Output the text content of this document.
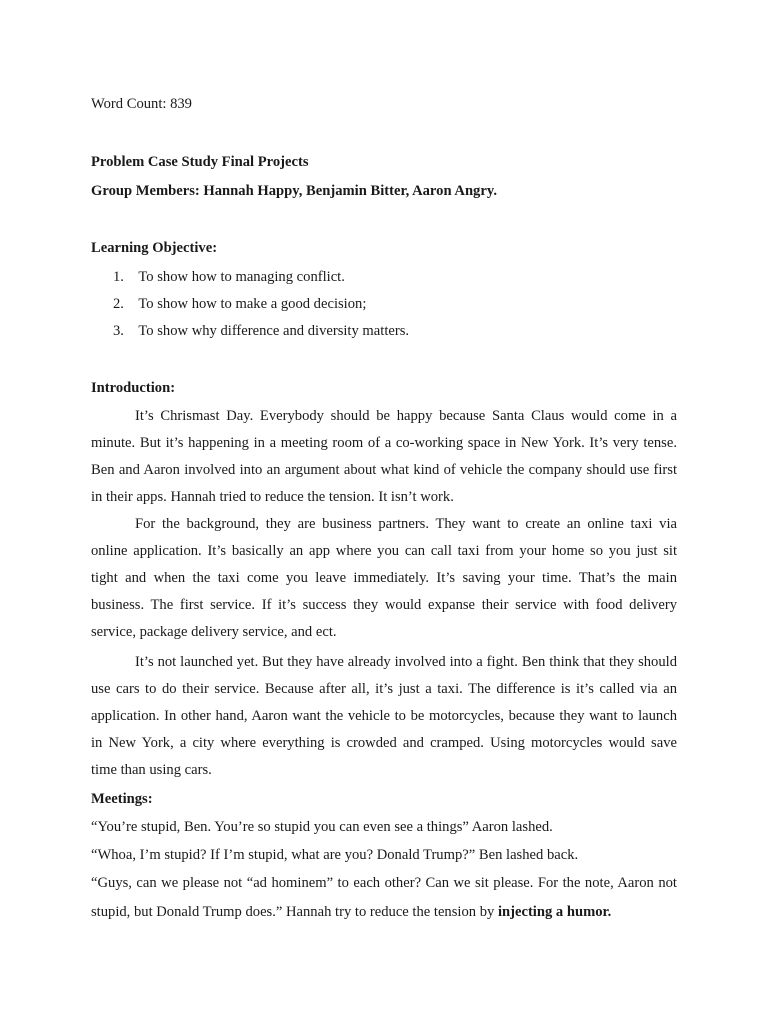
Word Count: 839
Problem Case Study Final Projects
Group Members: Hannah Happy, Benjamin Bitter, Aaron Angry.
Learning Objective:
1. To show how to managing conflict.
2. To show how to make a good decision;
3. To show why difference and diversity matters.
Introduction:
It’s Chrismast Day. Everybody should be happy because Santa Claus would come in a
minute. But it’s happening in a meeting room of a co-working space in New York. It’s very tense.
Ben and Aaron involved into an argument about what kind of vehicle the company should use first
in their apps. Hannah tried to reduce the tension. It isn’t work.
For the background, they are business partners. They want to create an online taxi via
online application. It’s basically an app where you can call taxi from your home so you just sit
tight and when the taxi come you leave immediately. It’s saving your time. That’s the main
business. The first service. If it’s success they would expanse their service with food delivery
service, package delivery service, and ect.
It’s not launched yet. But they have already involved into a fight. Ben think that they should
use cars to do their service. Because after all, it’s just a taxi. The difference is it’s called via an
application. In other hand, Aaron want the vehicle to be motorcycles, because they want to launch
in New York, a city where everything is crowded and cramped. Using motorcycles would save
time than using cars.
Meetings:
“You’re stupid, Ben. You’re so stupid you can even see a things” Aaron lashed.
“Whoa, I’m stupid? If I’m stupid, what are you? Donald Trump?” Ben lashed back.
“Guys, can we please not “ad hominem” to each other? Can we sit please. For the note, Aaron not
stupid, but Donald Trump does.” Hannah try to reduce the tension by injecting a humor.
